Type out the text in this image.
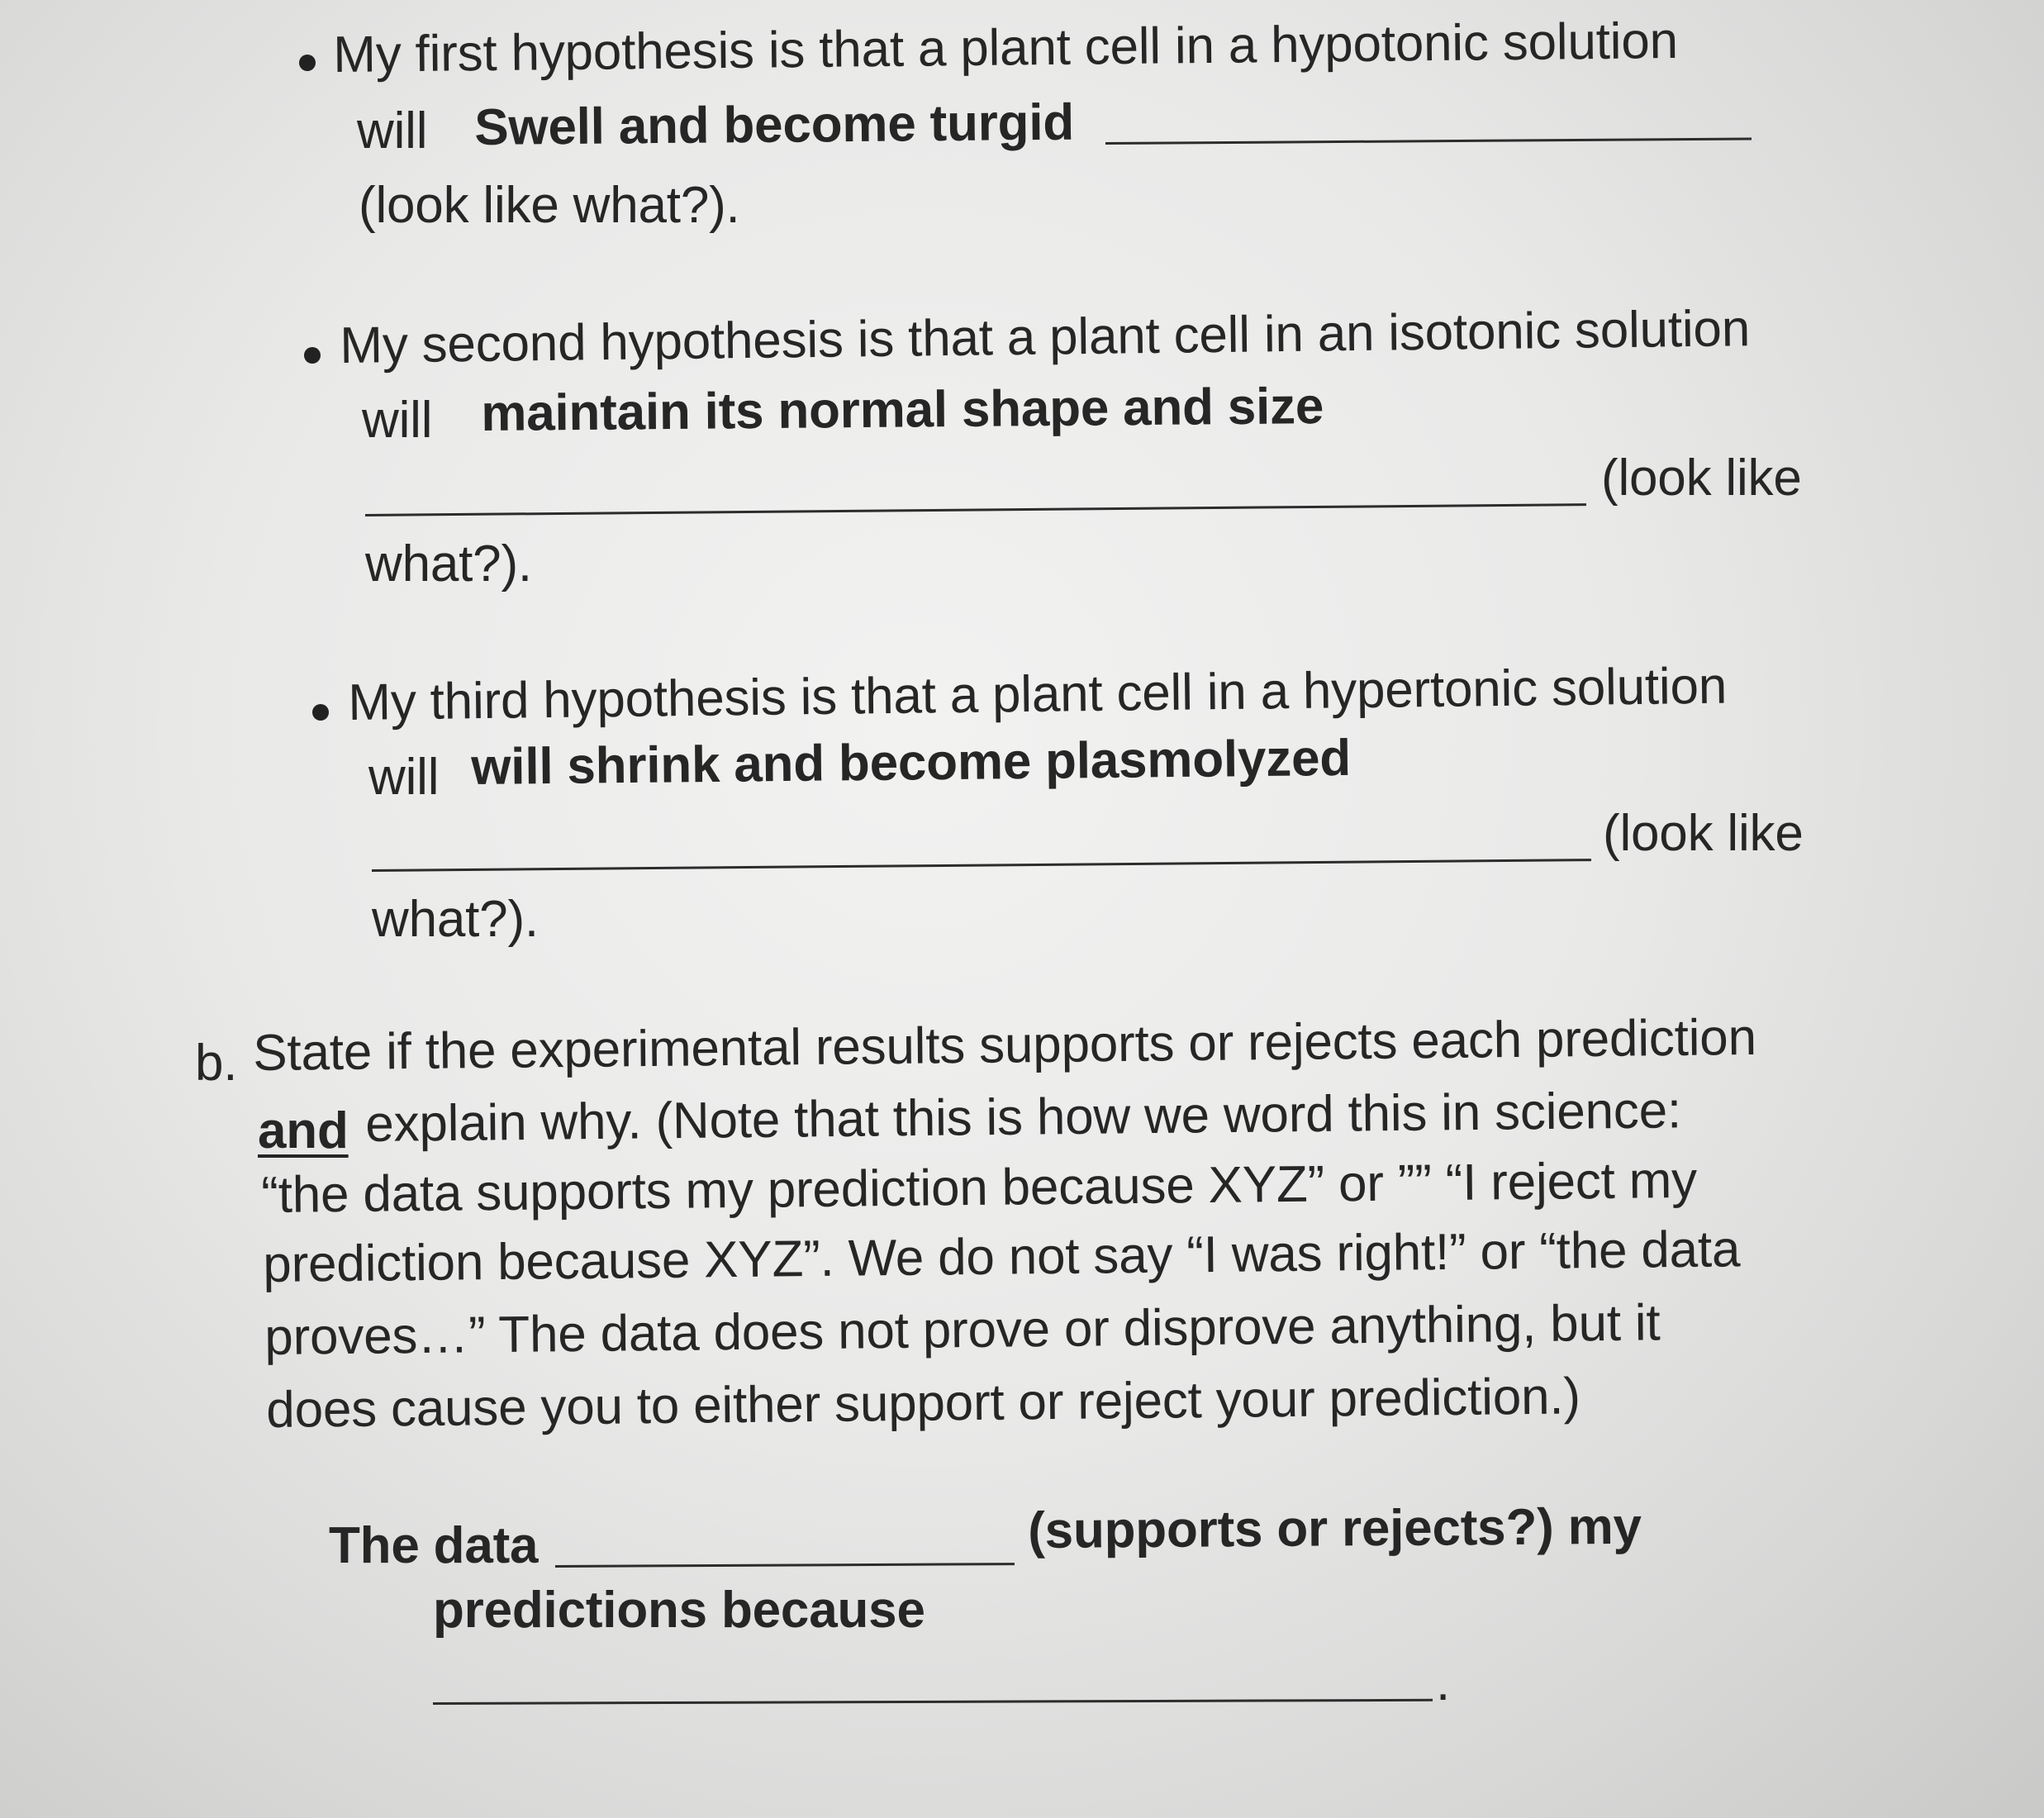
My first hypothesis is that a plant cell in a hypotonic solution
will Swell and become turgid
(look like what?).
My second hypothesis is that a plant cell in an isotonic solution
will maintain its normal shape and size
(look like
what?).
My third hypothesis is that a plant cell in a hypertonic solution
will will shrink and become plasmolyzed
(look like
what?).
b. State if the experimental results supports or rejects each prediction
and explain why. (Note that this is how we word this in science:
“the data supports my prediction because XYZ” or ”” “I reject my
prediction because XYZ”. We do not say “I was right!” or “the data
proves…” The data does not prove or disprove anything, but it
does cause you to either support or reject your prediction.)
The data	(supports or rejects?) my
predictions because
.
